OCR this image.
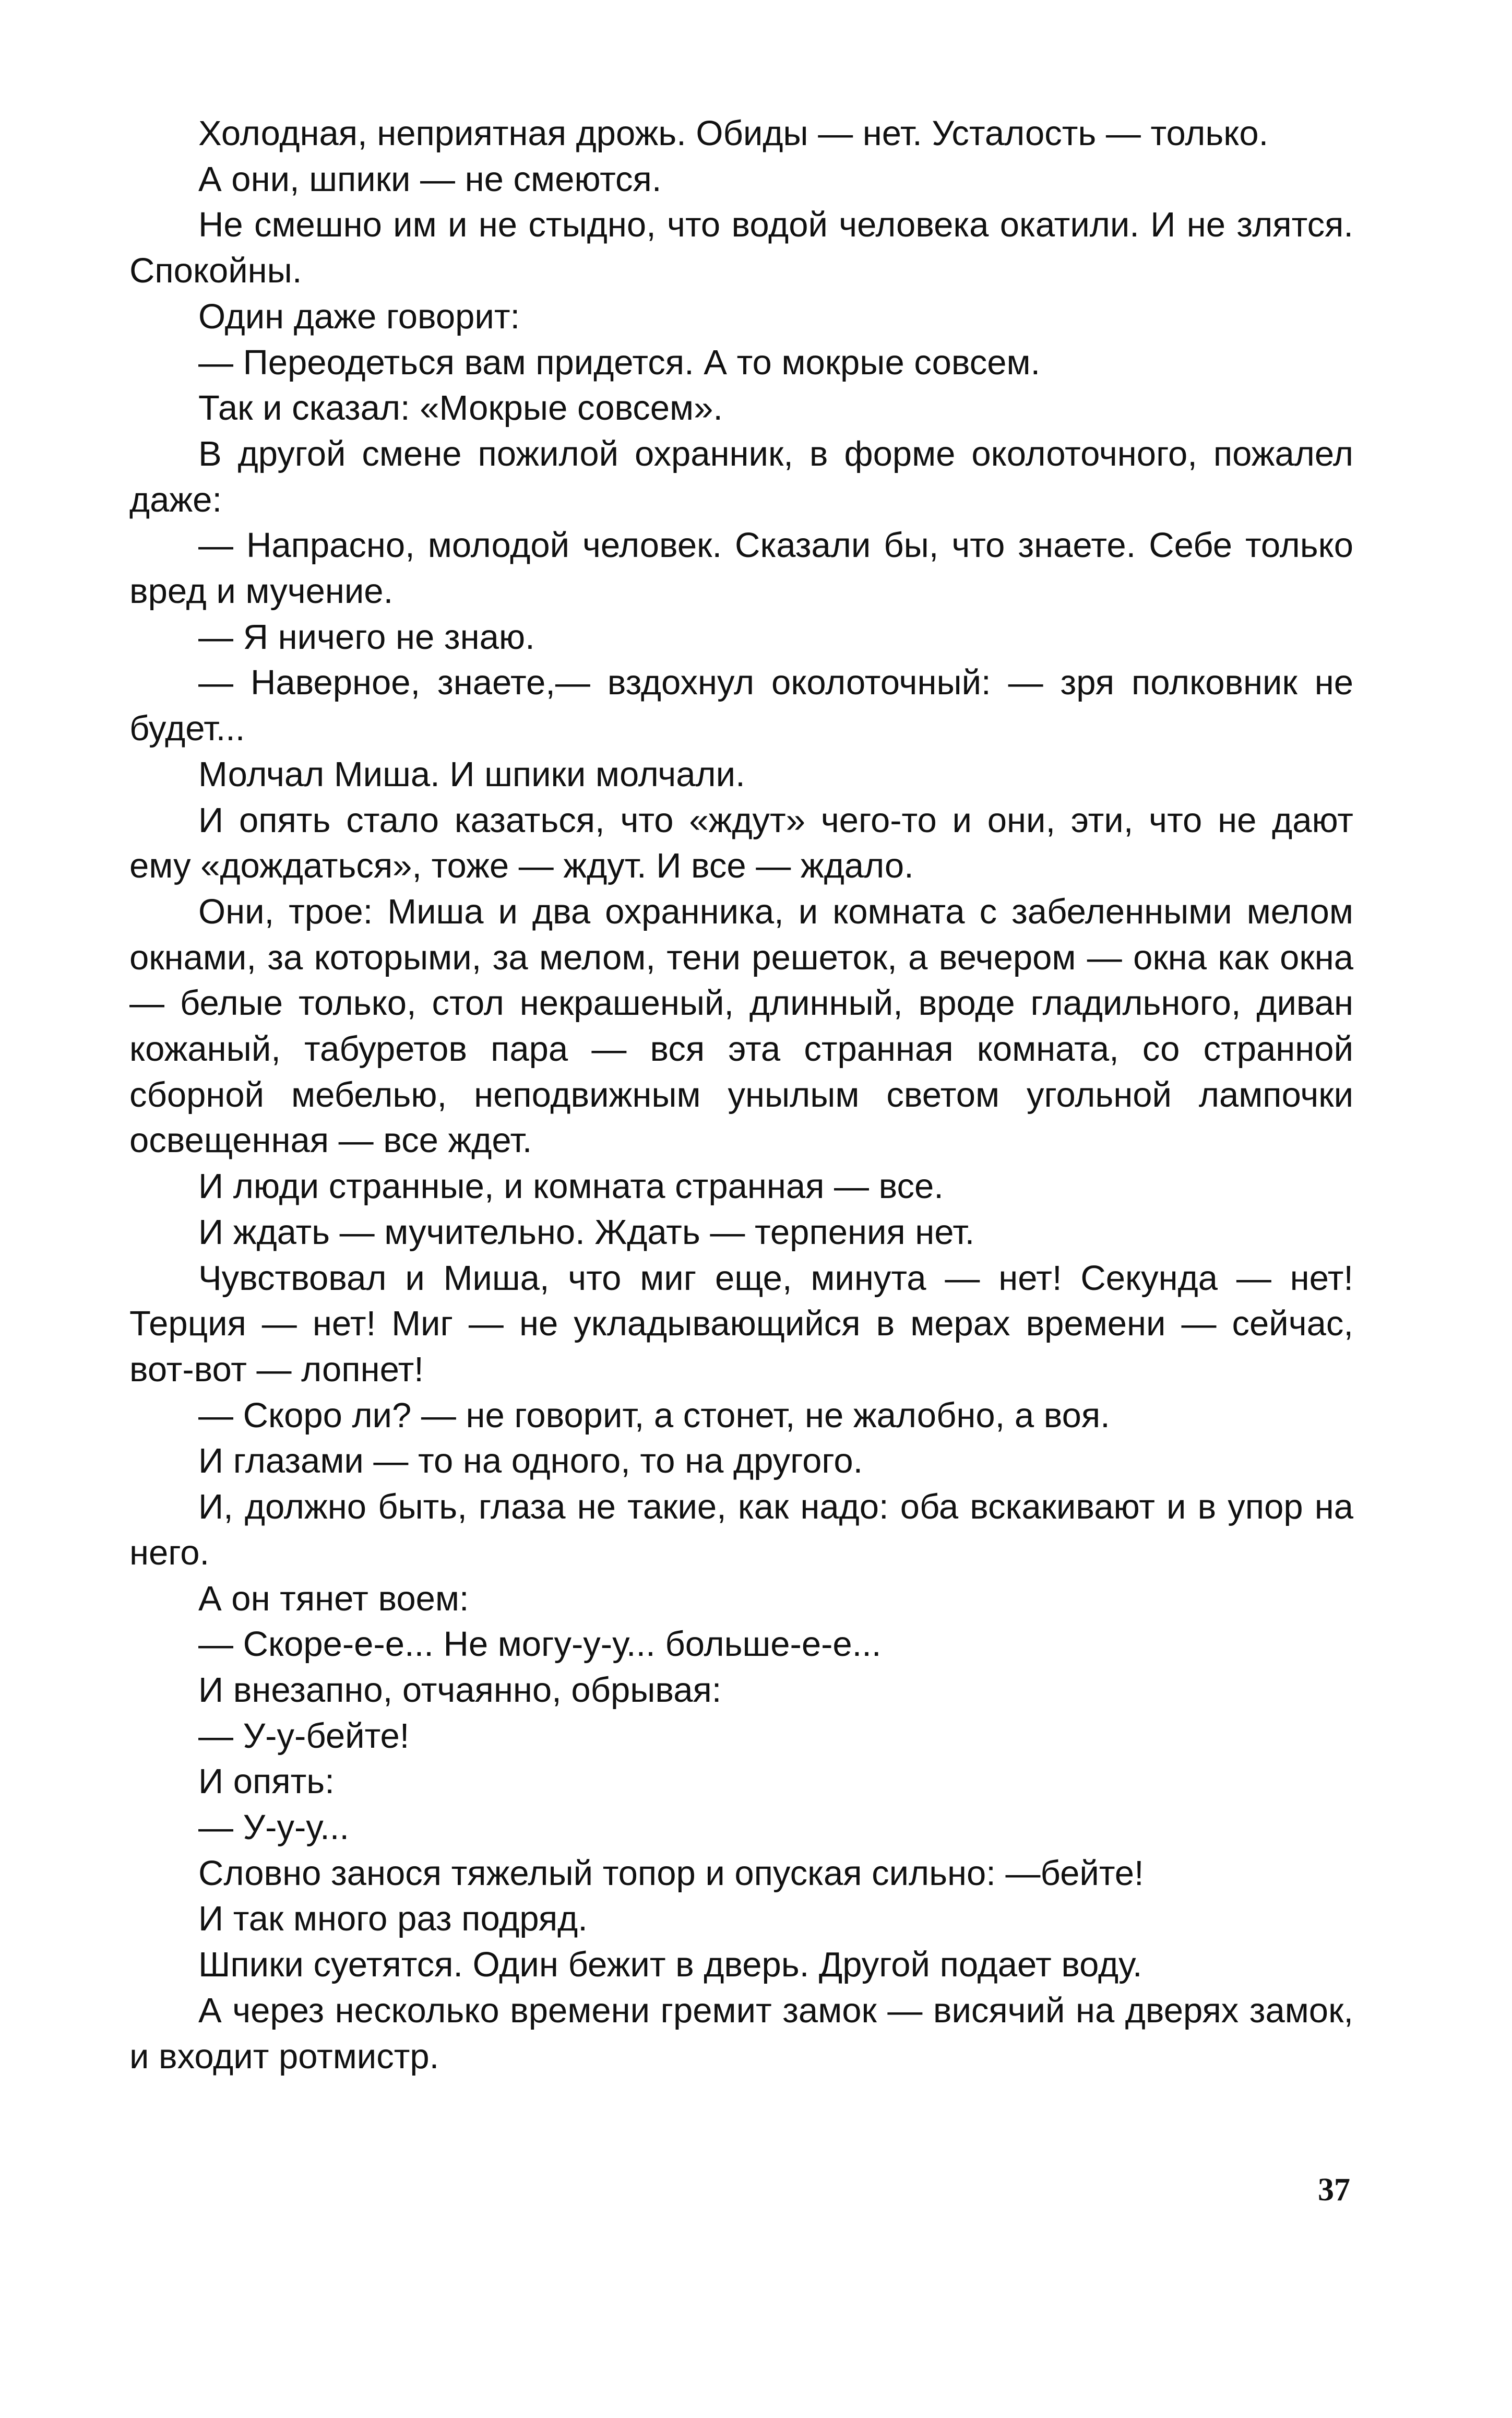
Холодная, неприятная дрожь. Обиды — нет. Усталость — только.

А они, шпики — не смеются.

Не смешно им и не стыдно, что водой человека окатили. И не злятся. Спокойны.

Один даже говорит:

— Переодеться вам придется. А то мокрые совсем.

Так и сказал: «Мокрые совсем».

В другой смене пожилой охранник, в форме околоточного, пожалел даже:

— Напрасно, молодой человек. Сказали бы, что знаете. Себе только вред и мучение.

— Я ничего не знаю.

— Наверное, знаете,— вздохнул околоточный: — зря полковник не будет...

Молчал Миша. И шпики молчали.

И опять стало казаться, что «ждут» чего-то и они, эти, что не дают ему «дождаться», тоже — ждут. И все — ждало.

Они, трое: Миша и два охранника, и комната с забеленными мелом окнами, за которыми, за мелом, тени решеток, а вечером — окна как окна — белые только, стол некрашеный, длинный, вроде гладильного, диван кожаный, табуретов пара — вся эта странная комната, со странной сборной мебелью, неподвижным унылым светом угольной лампочки освещенная — все ждет.

И люди странные, и комната странная — все.

И ждать — мучительно. Ждать — терпения нет.

Чувствовал и Миша, что миг еще, минута — нет! Секунда — нет! Терция — нет! Миг — не укладывающийся в мерах времени — сейчас, вот-вот — лопнет!

— Скоро ли? — не говорит, а стонет, не жалобно, а воя.

И глазами — то на одного, то на другого.

И, должно быть, глаза не такие, как надо: оба вскакивают и в упор на него.

А он тянет воем:

— Скоре-е-е... Не могу-у-у... больше-е-е...

И внезапно, отчаянно, обрывая:

— У-у-бейте!

И опять:

— У-у-у...

Словно занося тяжелый топор и опуская сильно: —бейте!

И так много раз подряд.

Шпики суетятся. Один бежит в дверь. Другой подает воду.

А через несколько времени гремит замок — висячий на дверях замок, и входит ротмистр.

37
